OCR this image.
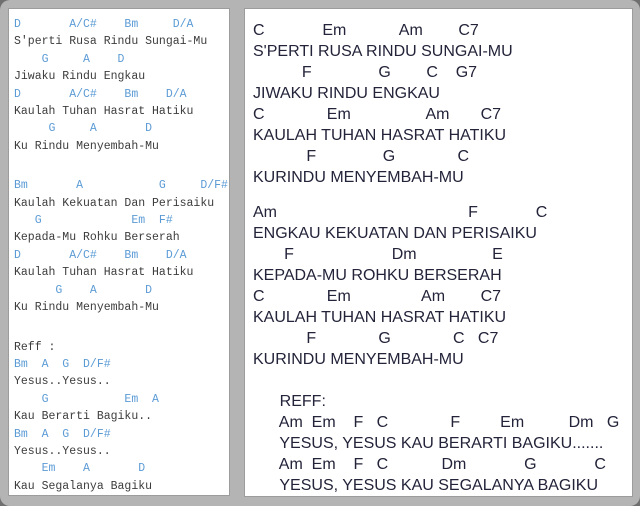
D       A/C#    Bm     D/A
S'perti Rusa Rindu Sungai-Mu
G     A    D
Jiwaku Rindu Engkau
D       A/C#    Bm    D/A
Kaulah Tuhan Hasrat Hatiku
G     A       D
Ku Rindu Menyembah-Mu
Bm       A           G     D/F#
Kaulah Kekuatan Dan Perisaiku
G             Em  F#
Kepada-Mu Rohku Berserah
D       A/C#    Bm    D/A
Kaulah Tuhan Hasrat Hatiku
G    A       D
Ku Rindu Menyembah-Mu
Reff :
Bm  A  G  D/F#
Yesus..Yesus..
G           Em  A
Kau Berarti Bagiku..
Bm  A  G  D/F#
Yesus..Yesus..
Em    A       D
Kau Segalanya Bagiku
C             Em            Am        C7
S'PERTI RUSA RINDU SUNGAI-MU
F               G        C    G7
JIWAKU RINDU ENGKAU
C              Em                 Am       C7
KAULAH TUHAN HASRAT HATIKU
F               G              C
KURINDU MENYEMBAH-MU
Am                                           F             C
ENGKAU KEKUATAN DAN PERISAIKU
F                      Dm                 E
KEPADA-MU ROHKU BERSERAH
C              Em                Am        C7
KAULAH TUHAN HASRAT HATIKU
F              G              C   C7
KURINDU MENYEMBAH-MU
REFF:
Am  Em    F   C              F         Em          Dm   G
YESUS, YESUS KAU BERARTI BAGIKU.......
Am  Em    F   C            Dm             G             C
YESUS, YESUS KAU SEGALANYA BAGIKU
